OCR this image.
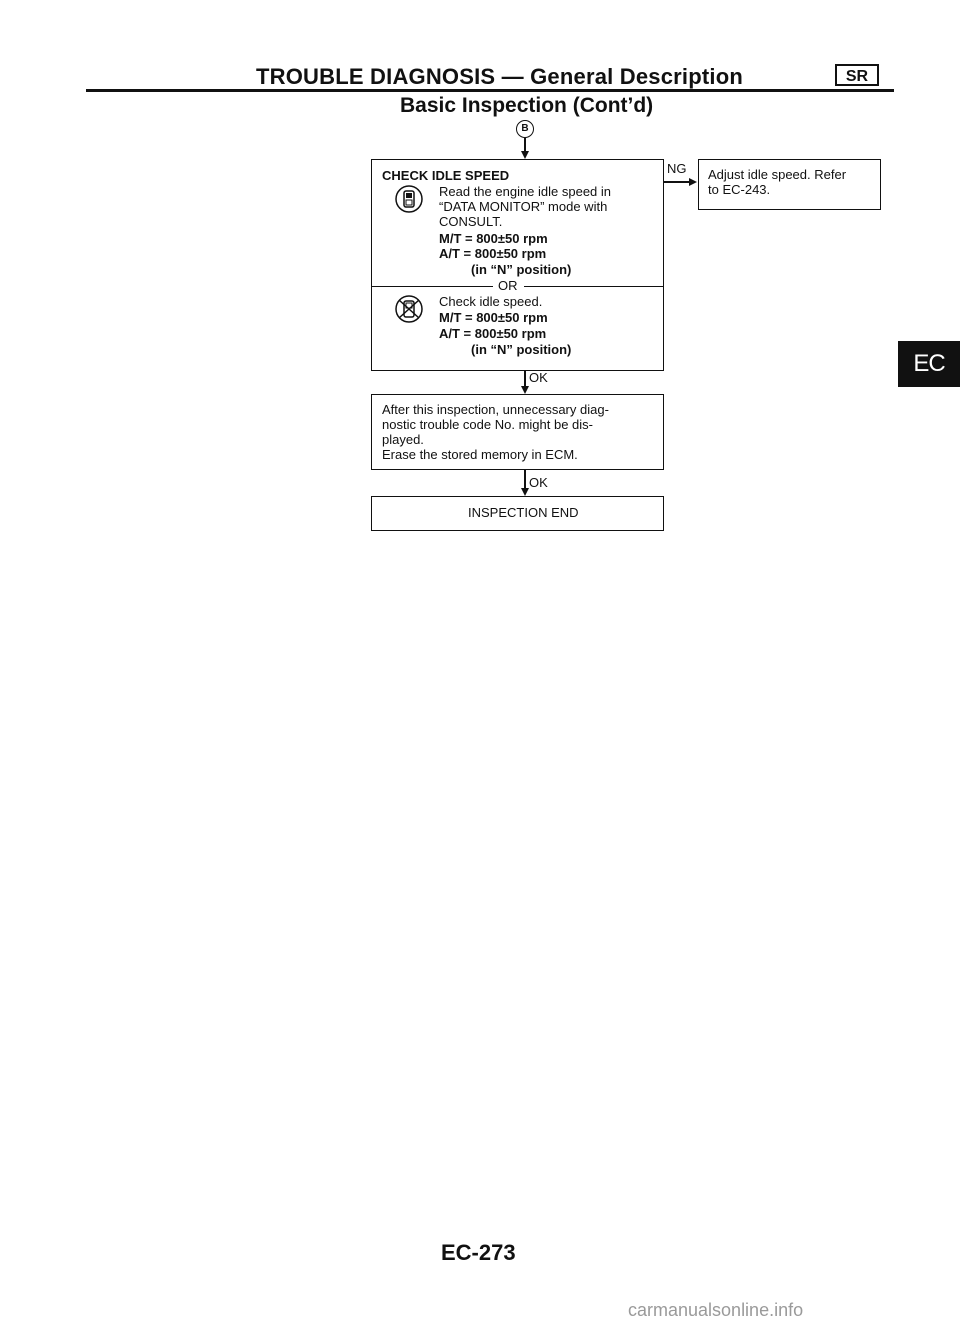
TROUBLE DIAGNOSIS — General Description	SR
Basic Inspection (Cont’d)
B
CHECK IDLE SPEED
Read the engine idle speed in
“DATA MONITOR” mode with
CONSULT.
M/T = 800±50 rpm
A/T = 800±50 rpm
(in “N” position)
OR
Check idle speed.
M/T = 800±50 rpm
A/T = 800±50 rpm
(in “N” position)
NG Adjust idle speed. Refer
to EC-243.
OK
After this inspection, unnecessary diag-
nostic trouble code No. might be dis-
played.
Erase the stored memory in ECM.
OK
INSPECTION END
EC
EC-273
carmanualsonline.info
